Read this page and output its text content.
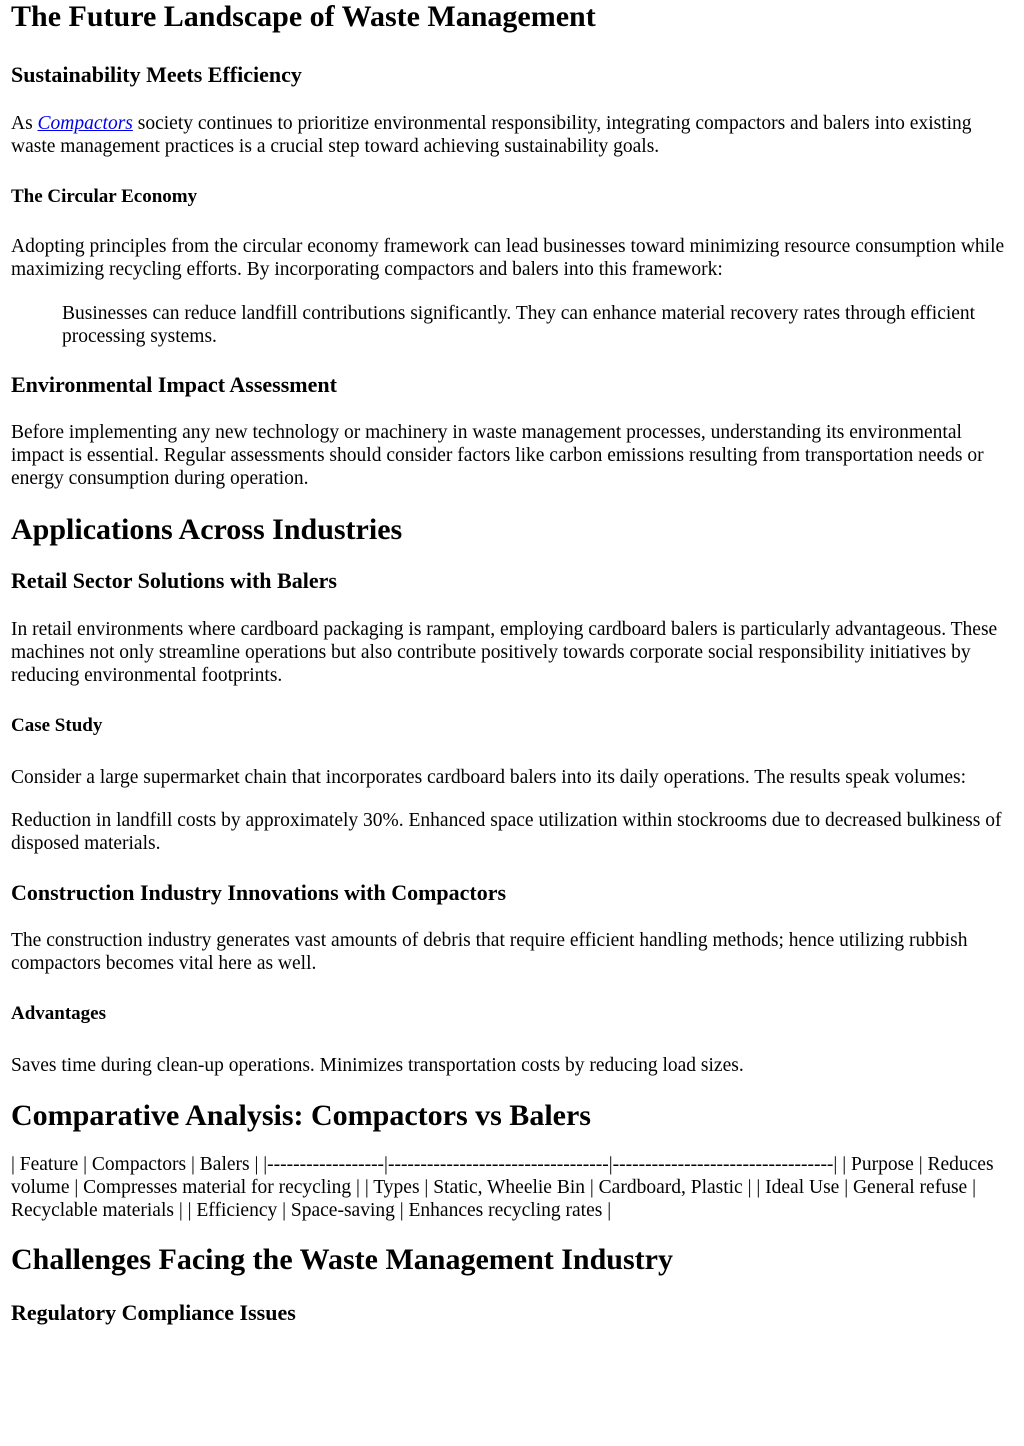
The Future Landscape of Waste Management
Sustainability Meets Efficiency

As Compactors society continues to prioritize environmental responsibility, integrating compactors and balers into existing waste management practices is a crucial step toward achieving sustainability goals.

The Circular Economy

Adopting principles from the circular economy framework can lead businesses toward minimizing resource consumption while maximizing recycling efforts. By incorporating compactors and balers into this framework:

Businesses can reduce landfill contributions significantly. They can enhance material recovery rates through efficient processing systems.
Environmental Impact Assessment

Before implementing any new technology or machinery in waste management processes, understanding its environmental impact is essential. Regular assessments should consider factors like carbon emissions resulting from transportation needs or energy consumption during operation.

Applications Across Industries
Retail Sector Solutions with Balers

In retail environments where cardboard packaging is rampant, employing cardboard balers is particularly advantageous. These machines not only streamline operations but also contribute positively towards corporate social responsibility initiatives by reducing environmental footprints.

Case Study

Consider a large supermarket chain that incorporates cardboard balers into its daily operations. The results speak volumes:

Reduction in landfill costs by approximately 30%. Enhanced space utilization within stockrooms due to decreased bulkiness of disposed materials.

Construction Industry Innovations with Compactors

The construction industry generates vast amounts of debris that require efficient handling methods; hence utilizing rubbish compactors becomes vital here as well.

Advantages

Saves time during clean-up operations. Minimizes transportation costs by reducing load sizes.

Comparative Analysis: Compactors vs Balers

| Feature | Compactors | Balers | |------------------|----------------------------------|----------------------------------| | Purpose | Reduces volume | Compresses material for recycling | | Types | Static, Wheelie Bin | Cardboard, Plastic | | Ideal Use | General refuse | Recyclable materials | | Efficiency | Space-saving | Enhances recycling rates |

Challenges Facing the Waste Management Industry
Regulatory Compliance Issues
